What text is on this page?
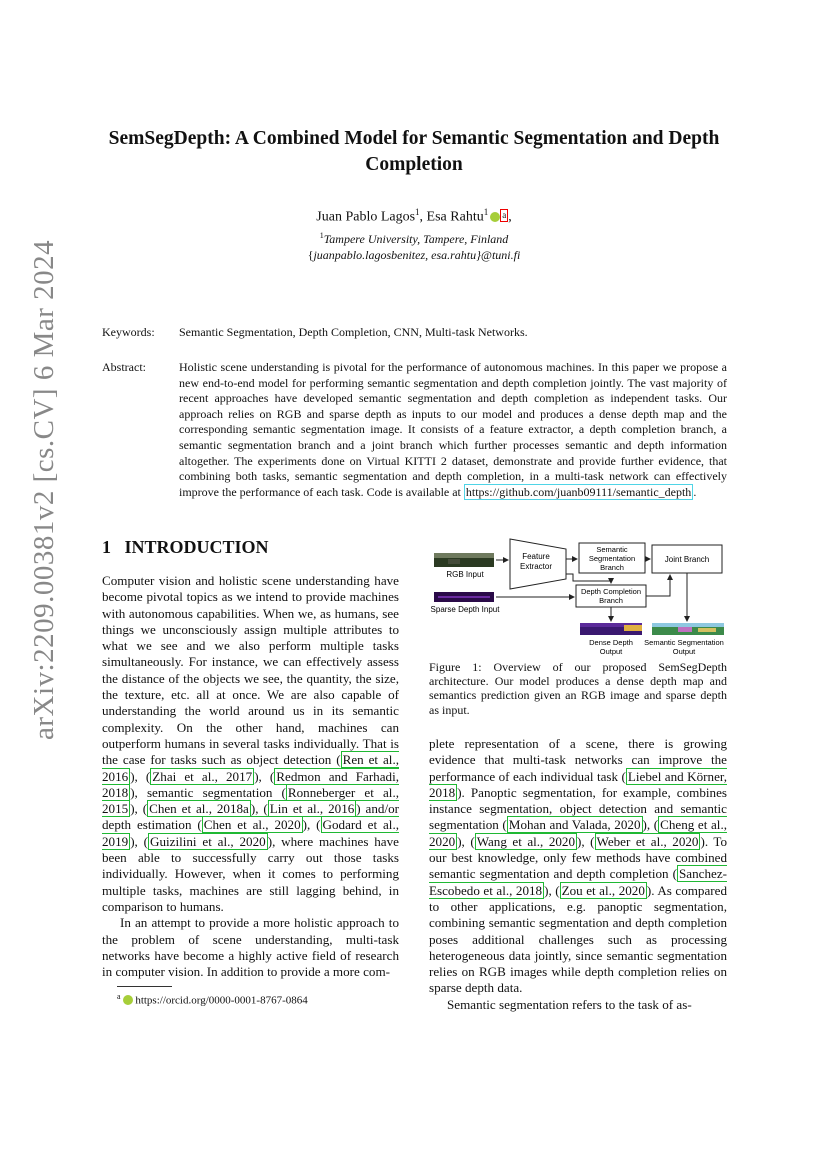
arXiv:2209.00381v2 [cs.CV] 6 Mar 2024
SemSegDepth: A Combined Model for Semantic Segmentation and Depth Completion
Juan Pablo Lagos$^1$, Esa Rahtu$^1$ a ,
$^1$Tampere University, Tampere, Finland
{juanpablo.lagosbenitez, esa.rahtu}@tuni.fi
Keywords: Semantic Segmentation, Depth Completion, CNN, Multi-task Networks.
Abstract:	Holistic scene understanding is pivotal for the performance of autonomous machines. In this paper we propose a new end-to-end model for performing semantic segmentation and depth completion jointly. The vast majority of recent approaches have developed semantic segmentation and depth completion as independent tasks. Our approach relies on RGB and sparse depth as inputs to our model and produces a dense depth map and the corresponding semantic segmentation image. It consists of a feature extractor, a depth completion branch, a semantic segmentation branch and a joint branch which further processes semantic and depth information altogether. The experiments done on Virtual KITTI 2 dataset, demonstrate and provide further evidence, that combining both tasks, semantic segmentation and depth completion, in a multi-task network can effectively improve the performance of each task. Code is available at https://github.com/juanb09111/semantic_depth .
1 INTRODUCTION

Computer vision and holistic scene understanding have become pivotal topics as we intend to provide machines with autonomous capabilities. When we, as humans, see things we unconsciously assign multiple attributes to what we see and we also perform multiple tasks simultaneously. For instance, we can effectively assess the distance of the objects we see, the quantity, the size, the texture, etc. all at once. We are also capable of understanding the world around us in its semantic complexity. On the other hand, machines can outperform humans in several tasks individually. That is the case for tasks such as object detection ( Ren et al., 2016 ), ( Zhai et al., 2017 ), ( Redmon and Farhadi, 2018 ), semantic segmentation ( Ronneberger et al., 2015 ), ( Chen et al., 2018a ), ( Lin et al., 2016 ) and/or depth estimation ( Chen et al., 2020 ), ( Godard et al., 2019 ), ( Guizilini et al., 2020 ), where machines have been able to successfully carry out those tasks individually. However, when it comes to performing multiple tasks, machines are still lagging behind, in comparison to humans.

In an attempt to provide a more holistic approach to the problem of scene understanding, multi-task networks have become a highly active field of research in computer vision. In addition to provide a more com-

RGB Input
Sparse Depth Input
Feature
Extractor
Semantic
Segmentation
Branch
Joint Branch
Depth Completion
Branch
Dense Depth
Output
Semantic Segmentation
Output
Figure 1: Overview of our proposed SemSegDepth architecture. Our model produces a dense depth map and semantics prediction given an RGB image and sparse depth as input.

plete representation of a scene, there is growing evidence that multi-task networks can improve the performance of each individual task ( Liebel and Körner, 2018 ). Panoptic segmentation, for example, combines instance segmentation, object detection and semantic segmentation ( Mohan and Valada, 2020 ), ( Cheng et al., 2020 ), ( Wang et al., 2020 ), ( Weber et al., 2020 ). To our best knowledge, only few methods have combined semantic segmentation and depth completion ( Sanchez-Escobedo et al., 2018 ), ( Zou et al., 2020 ). As compared to other applications, e.g. panoptic segmentation, combining semantic segmentation and depth completion poses additional challenges such as processing heterogeneous data jointly, since semantic segmentation relies on RGB images while depth completion relies on sparse depth data.

Semantic segmentation refers to the task of as-

$^a$ https://orcid.org/0000-0001-8767-0864
